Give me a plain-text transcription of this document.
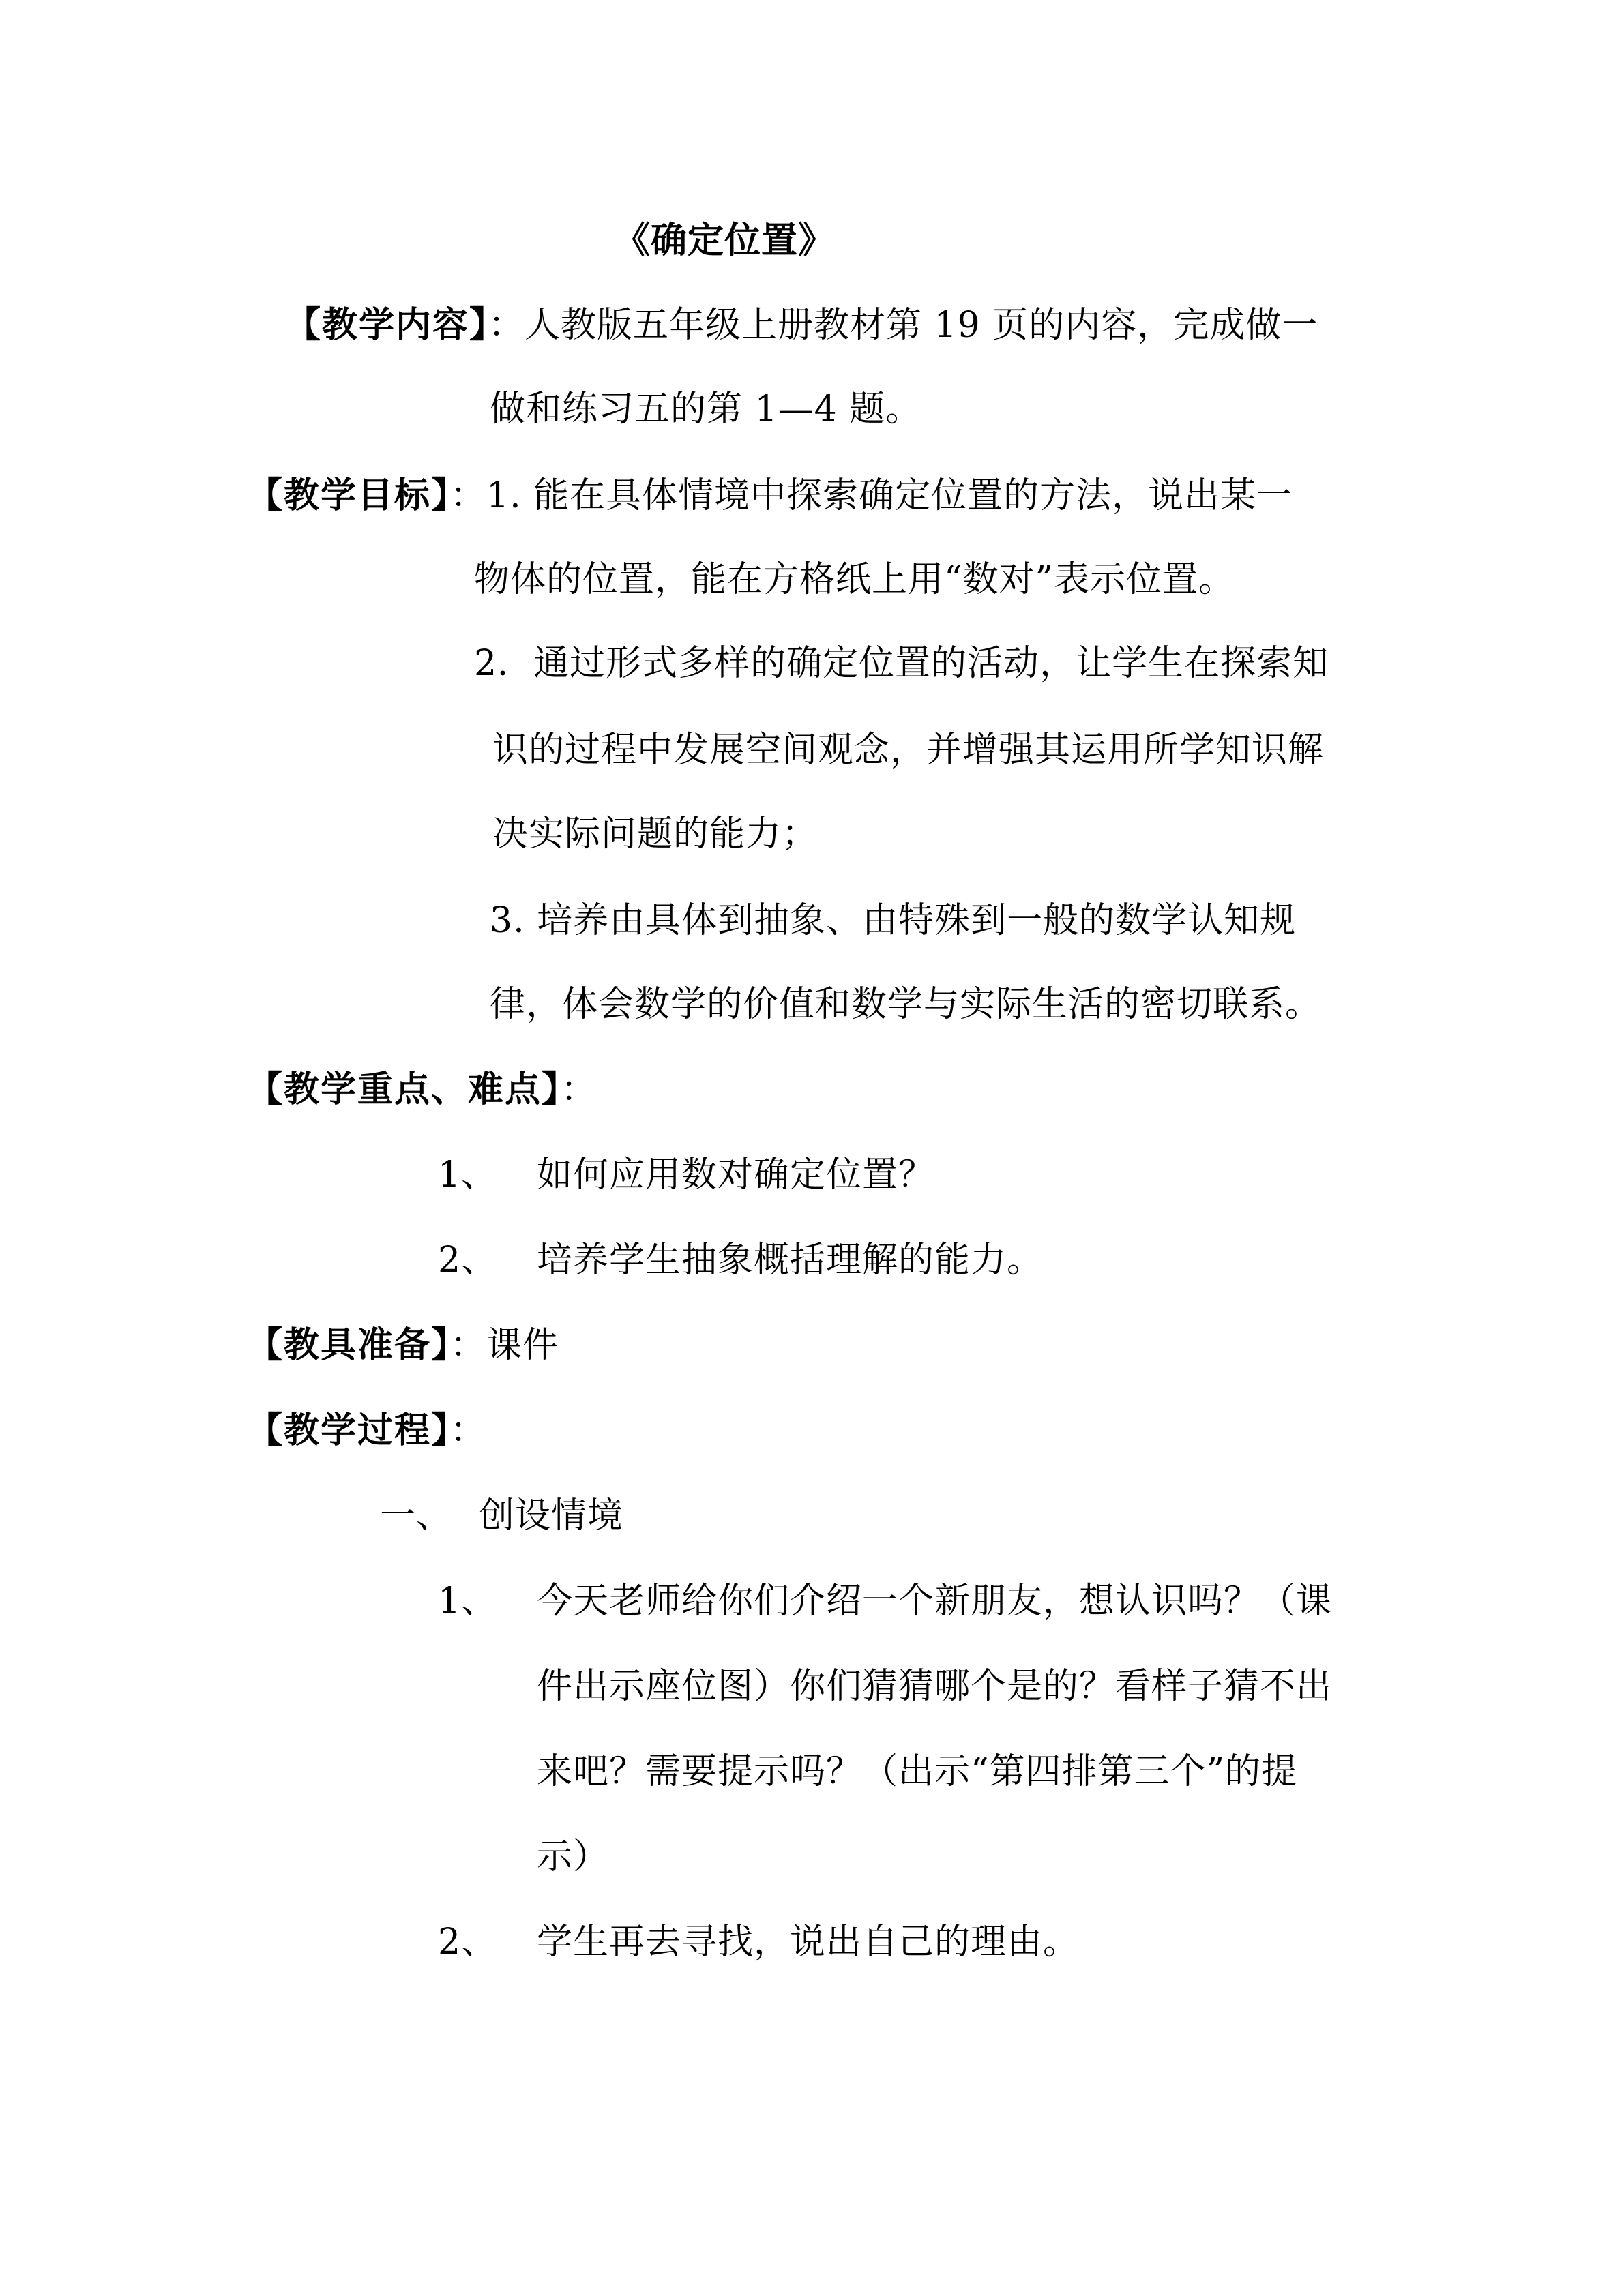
《确定位置》
【教学内容】：人教版五年级上册教材第 19 页的内容，完成做一
做和练习五的第 1—4 题。
【教学目标】：1. 能在具体情境中探索确定位置的方法，说出某一
物体的位置，能在方格纸上用“数对”表示位置。
2．通过形式多样的确定位置的活动，让学生在探索知
识的过程中发展空间观念，并增强其运用所学知识解
决实际问题的能力；
3. 培养由具体到抽象、由特殊到一般的数学认知规
律，体会数学的价值和数学与实际生活的密切联系。
【教学重点、难点】：
1、 如何应用数对确定位置？
2、 培养学生抽象概括理解的能力。
【教具准备】：课件
【教学过程】：
一、 创设情境
1、 今天老师给你们介绍一个新朋友，想认识吗？（课
件出示座位图）你们猜猜哪个是的？看样子猜不出
来吧？需要提示吗？（出示“第四排第三个”的提
示）
2、 学生再去寻找，说出自己的理由。
